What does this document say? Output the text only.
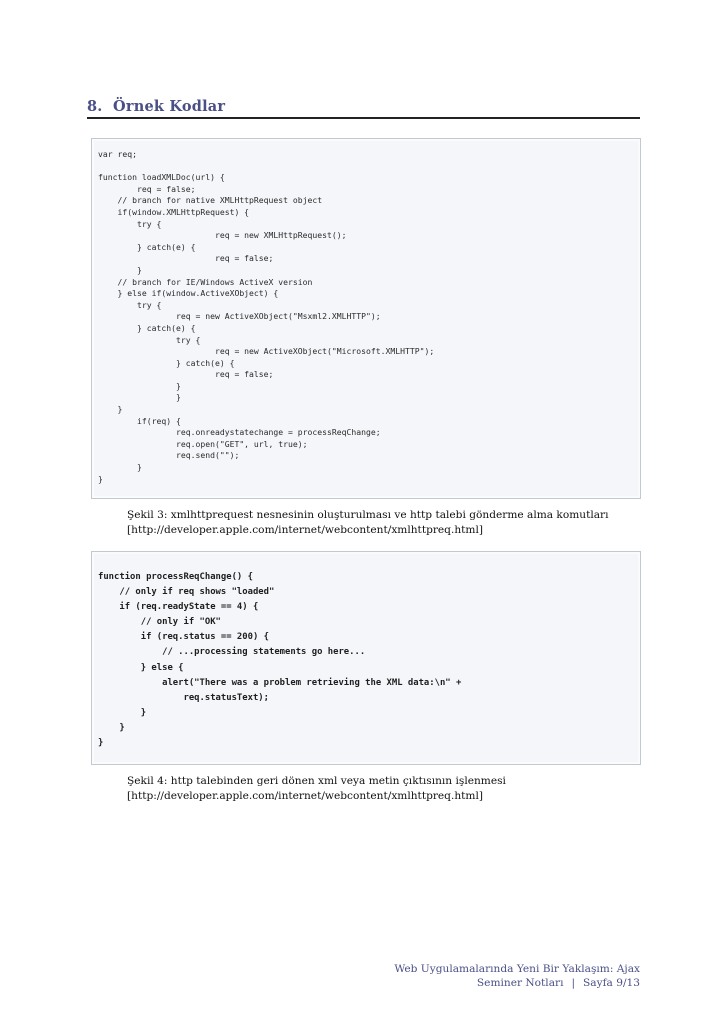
8. Örnek Kodlar
var req;

function loadXMLDoc(url) {
req = false;
// branch for native XMLHttpRequest object
if(window.XMLHttpRequest) {
try {
req = new XMLHttpRequest();
} catch(e) {
req = false;
}
// branch for IE/Windows ActiveX version
} else if(window.ActiveXObject) {
try {
req = new ActiveXObject("Msxml2.XMLHTTP");
} catch(e) {
try {
req = new ActiveXObject("Microsoft.XMLHTTP");
} catch(e) {
req = false;
}
}
}
if(req) {
req.onreadystatechange = processReqChange;
req.open("GET", url, true);
req.send("");
}
}
Şekil 3: xmlhttprequest nesnesinin oluşturulması ve http talebi gönderme alma komutları
[http://developer.apple.com/internet/webcontent/xmlhttpreq.html]
function processReqChange() {
// only if req shows "loaded"
if (req.readyState == 4) {
// only if "OK"
if (req.status == 200) {
// ...processing statements go here...
} else {
alert("There was a problem retrieving the XML data:\n" +
req.statusText);
}
}
}
Şekil 4: http talebinden geri dönen xml veya metin çıktısının işlenmesi
[http://developer.apple.com/internet/webcontent/xmlhttpreq.html]
Web Uygulamalarında Yeni Bir Yaklaşım: Ajax
Seminer Notları | Sayfa 9/13
